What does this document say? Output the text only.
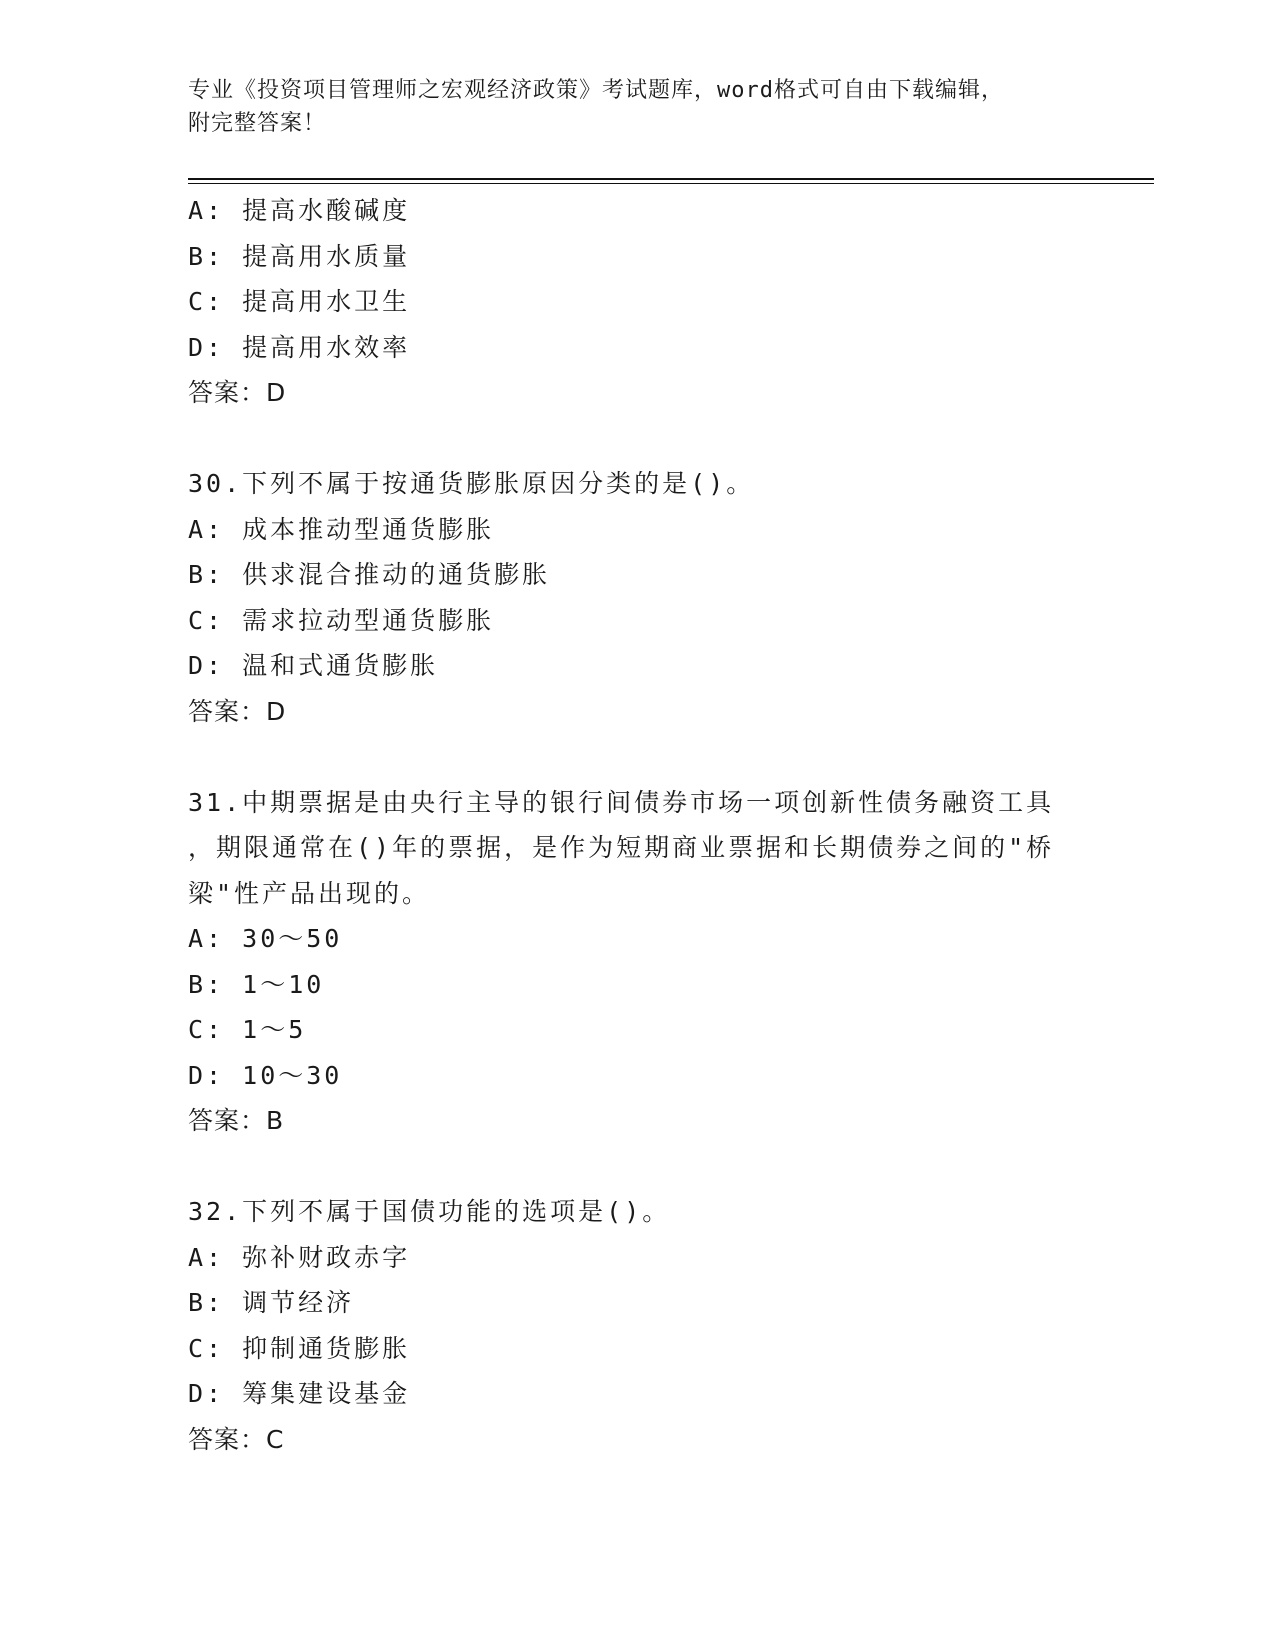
专业《投资项目管理师之宏观经济政策》考试题库，word格式可自由下载编辑，
附完整答案！
A: 提高水酸碱度
B: 提高用水质量
C: 提高用水卫生
D: 提高用水效率
答案：D
30.下列不属于按通货膨胀原因分类的是()。
A: 成本推动型通货膨胀
B: 供求混合推动的通货膨胀
C: 需求拉动型通货膨胀
D: 温和式通货膨胀
答案：D
31.中期票据是由央行主导的银行间债券市场一项创新性债务融资工具
，期限通常在()年的票据，是作为短期商业票据和长期债券之间的"桥
梁"性产品出现的。
A: 30～50
B: 1～10
C: 1～5
D: 10～30
答案：B
32.下列不属于国债功能的选项是()。
A: 弥补财政赤字
B: 调节经济
C: 抑制通货膨胀
D: 筹集建设基金
答案：C
